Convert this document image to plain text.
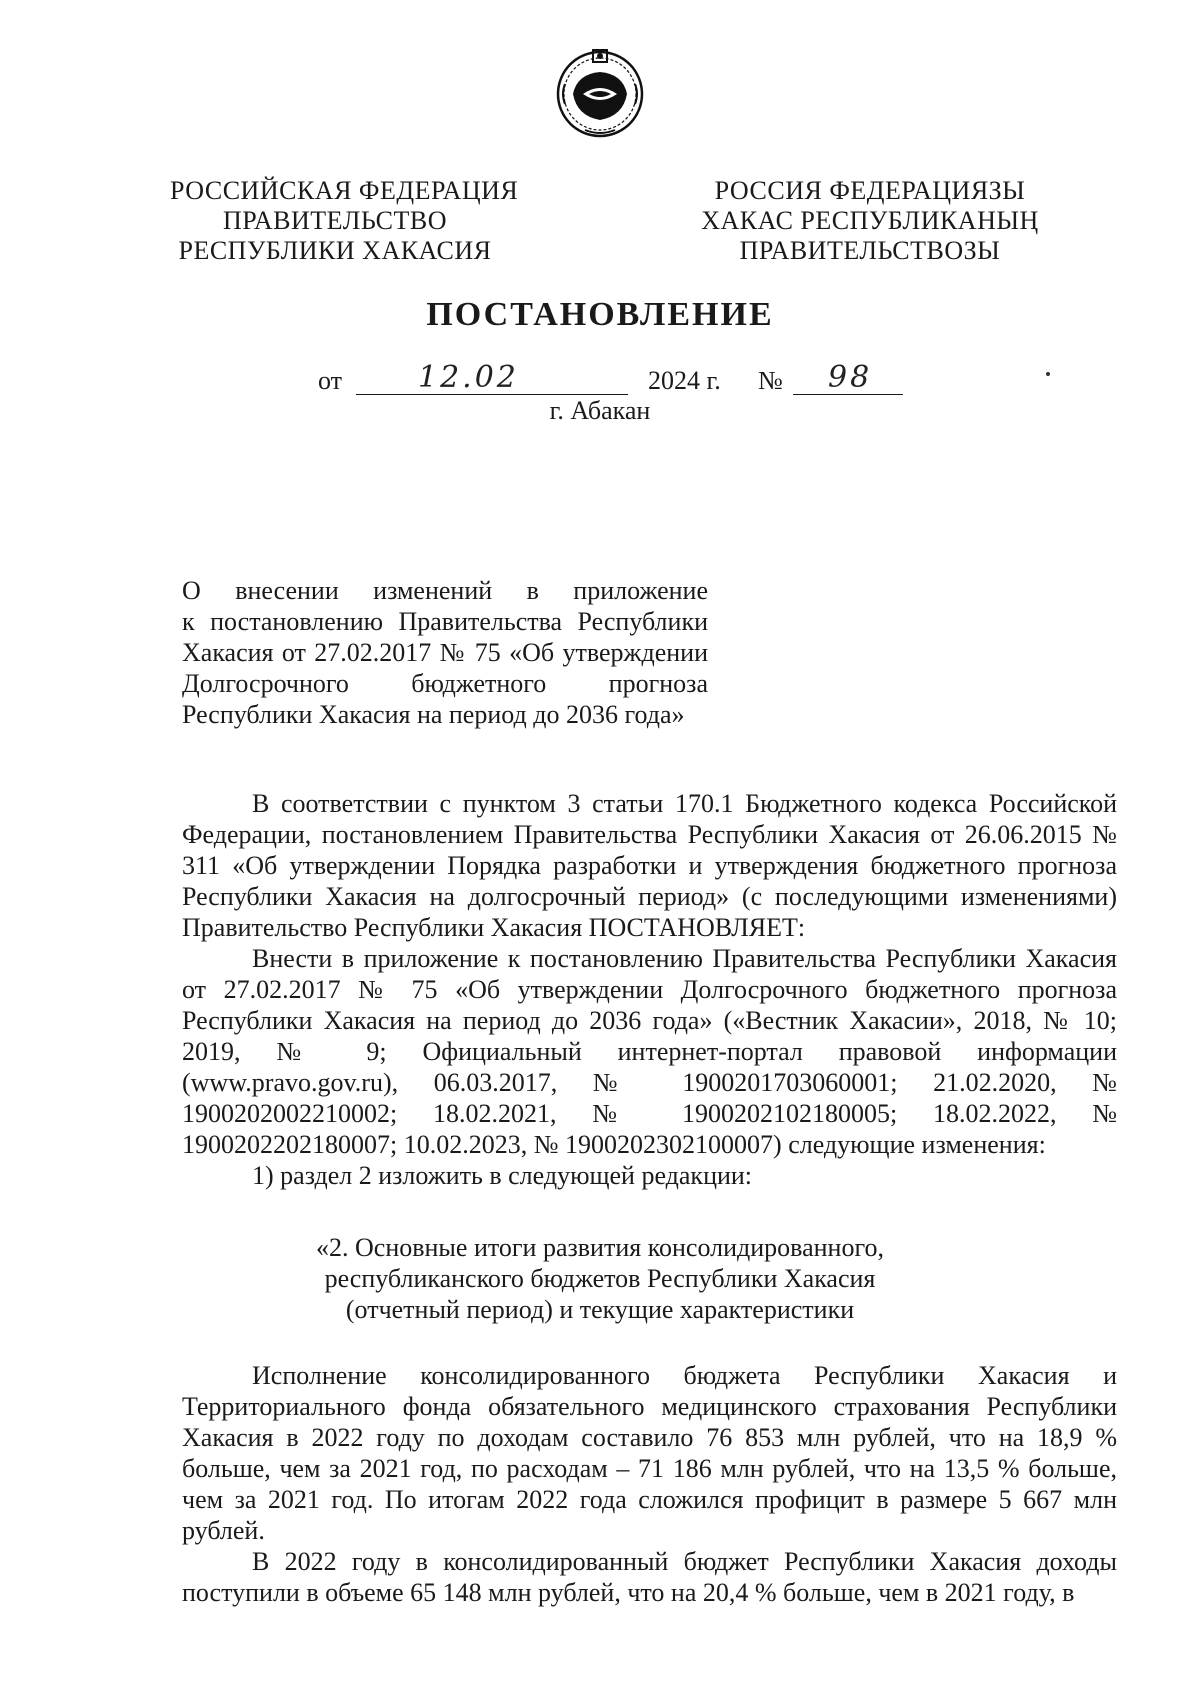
РОССИЙСКАЯ ФЕДЕРАЦИЯ
ПРАВИТЕЛЬСТВО
РЕСПУБЛИКИ ХАКАСИЯ
РОССИЯ ФЕДЕРАЦИЯЗЫ
ХАКАС РЕСПУБЛИКАНЫҢ
ПРАВИТЕЛЬСТВОЗЫ
ПОСТАНОВЛЕНИЕ
от	12.02	2024 г. № 98
г. Абакан
О внесении изменений в приложение
к постановлению Правительства Республики
Хакасия от 27.02.2017 № 75 «Об утверждении
Долгосрочного бюджетного прогноза
Республики Хакасия на период до 2036 года»

В соответствии с пунктом 3 статьи 170.1 Бюджетного кодекса Российской Федерации, постановлением Правительства Республики Хакасия от 26.06.2015 № 311 «Об утверждении Порядка разработки и утверждения бюджетного прогноза Республики Хакасия на долгосрочный период» (с последующими изменениями) Правительство Республики Хакасия ПОСТАНОВЛЯЕТ:

Внести в приложение к постановлению Правительства Республики Хакасия от 27.02.2017 № 75 «Об утверждении Долгосрочного бюджетного прогноза Республики Хакасия на период до 2036 года» («Вестник Хакасии», 2018, № 10; 2019, № 9; Официальный интернет-портал правовой информации (www.pravo.gov.ru), 06.03.2017, № 1900201703060001; 21.02.2020, № 1900202002210002; 18.02.2021, № 1900202102180005; 18.02.2022, № 1900202202180007; 10.02.2023, № 1900202302100007) следующие изменения:

1) раздел 2 изложить в следующей редакции:

«2. Основные итоги развития консолидированного,
республиканского бюджетов Республики Хакасия
(отчетный период) и текущие характеристики

Исполнение консолидированного бюджета Республики Хакасия и Территориального фонда обязательного медицинского страхования Республики Хакасия в 2022 году по доходам составило 76 853 млн рублей, что на 18,9 % больше, чем за 2021 год, по расходам – 71 186 млн рублей, что на 13,5 % больше, чем за 2021 год. По итогам 2022 года сложился профицит в размере 5 667 млн рублей.

В 2022 году в консолидированный бюджет Республики Хакасия доходы поступили в объеме 65 148 млн рублей, что на 20,4 % больше, чем в 2021 году, в
